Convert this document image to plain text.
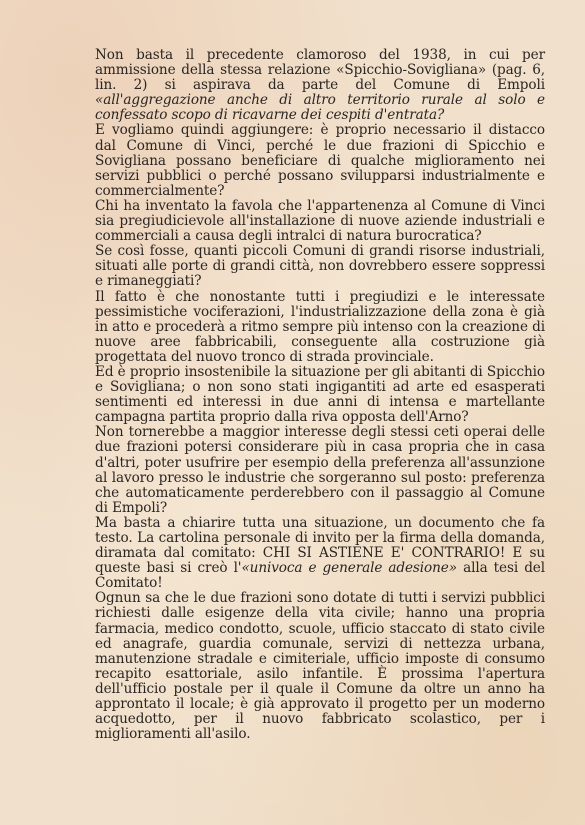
Non basta il precedente clamoroso del 1938, in cui per ammissione della stessa relazione «Spicchio-Sovigliana» (pag. 6, lin. 2) si aspirava da parte del Comune di Empoli «all'aggregazione anche di altro territorio rurale al solo e confessato scopo di ricavarne dei cespiti d'entrata?

E vogliamo quindi aggiungere: è proprio necessario il distacco dal Comune di Vinci, perché le due frazioni di Spicchio e Sovigliana possano beneficiare di qualche miglioramento nei servizi pubblici o perché possano svilupparsi industrialmente e commercialmente?

Chi ha inventato la favola che l'appartenenza al Comune di Vinci sia pregiudicievole all'installazione di nuove aziende industriali e commerciali a causa degli intralci di natura burocratica?

Se così fosse, quanti piccoli Comuni di grandi risorse industriali, situati alle porte di grandi città, non dovrebbero essere soppressi e rimaneggiati?

Il fatto è che nonostante tutti i pregiudizi e le interessate pessimistiche vociferazioni, l'industrializzazione della zona è già in atto e procederà a ritmo sempre più intenso con la creazione di nuove aree fabbricabili, conseguente alla costruzione già progettata del nuovo tronco di strada provinciale.

Ed è proprio insostenibile la situazione per gli abitanti di Spicchio e Sovigliana; o non sono stati ingigantiti ad arte ed esasperati sentimenti ed interessi in due anni di intensa e martellante campagna partita proprio dalla riva opposta dell'Arno?

Non tornerebbe a maggior interesse degli stessi ceti operai delle due frazioni potersi considerare più in casa propria che in casa d'altri, poter usufrire per esempio della preferenza all'assunzione al lavoro presso le industrie che sorgeranno sul posto: preferenza che automaticamente perderebbero con il passaggio al Comune di Empoli?

Ma basta a chiarire tutta una situazione, un documento che fa testo. La cartolina personale di invito per la firma della domanda, diramata dal comitato: CHI SI ASTIENE E' CONTRARIO! E su queste basi si creò l'«univoca e generale adesione» alla tesi del Comitato!

Ognun sa che le due frazioni sono dotate di tutti i servizi pubblici richiesti dalle esigenze della vita civile; hanno una propria farmacia, medico condotto, scuole, ufficio staccato di stato civile ed anagrafe, guardia comunale, servizi di nettezza urbana, manutenzione stradale e cimiteriale, ufficio imposte di consumo recapito esattoriale, asilo infantile. È prossima l'apertura dell'ufficio postale per il quale il Comune da oltre un anno ha approntato il locale; è già approvato il progetto per un moderno acquedotto, per il nuovo fabbricato scolastico, per i miglioramenti all'asilo.
